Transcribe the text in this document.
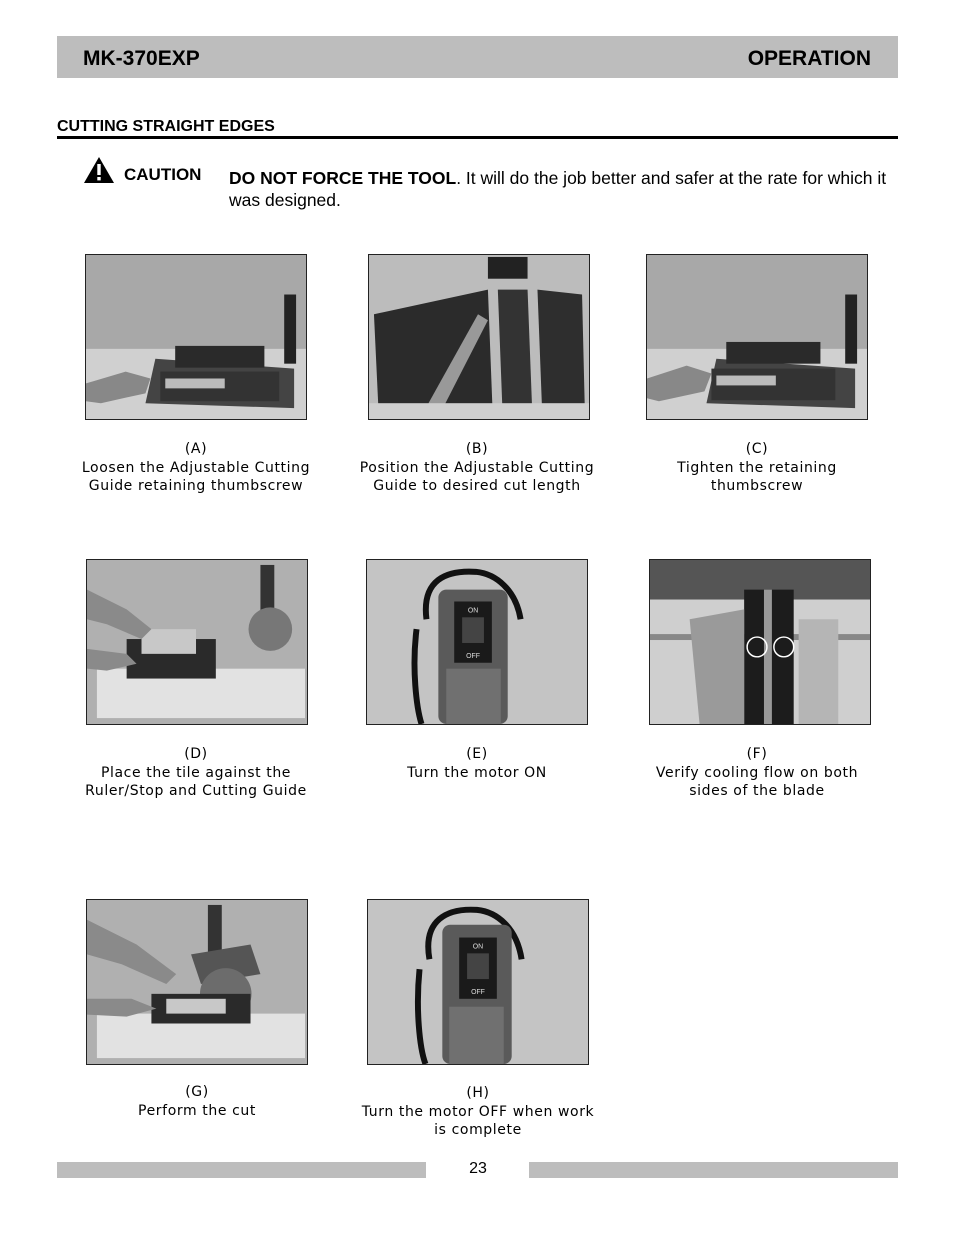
MK-370EXP	OPERATION
CUTTING STRAIGHT EDGES
CAUTION DO NOT FORCE THE TOOL. It will do the job better and safer at the rate for which it was designed.
(A)
Loosen the Adjustable Cutting Guide retaining thumbscrew
(B)
Position the Adjustable Cutting Guide to desired cut length
(C)
Tighten the retaining thumbscrew
(D)
Place the tile against the Ruler/Stop and Cutting Guide
ON
OFF
(E)
Turn the motor ON
(F)
Verify cooling flow on both sides of the blade
(G)
Perform the cut
ON
OFF
(H)
Turn the motor OFF when work is complete
23
